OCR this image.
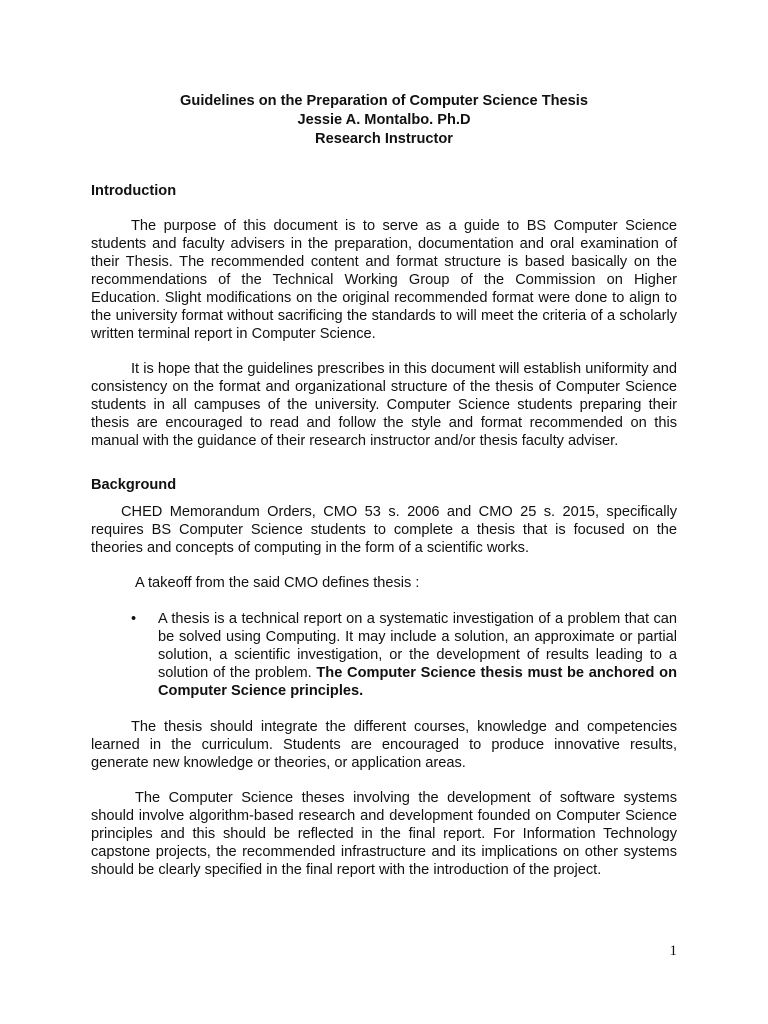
Guidelines on the Preparation of Computer Science Thesis
Jessie A. Montalbo. Ph.D
Research Instructor
Introduction

The purpose of this document is to serve as a guide to BS Computer Science students and faculty advisers in the preparation, documentation and oral examination of their Thesis. The recommended content and format structure is based basically on the recommendations of the Technical Working Group of the Commission on Higher Education. Slight modifications on the original recommended format were done to align to the university format without sacrificing the standards to will meet the criteria of a scholarly written terminal report in Computer Science.

It is hope that the guidelines prescribes in this document will establish uniformity and consistency on the format and organizational structure of the thesis of Computer Science students in all campuses of the university. Computer Science students preparing their thesis are encouraged to read and follow the style and format recommended on this manual with the guidance of their research instructor and/or thesis faculty adviser.

Background

CHED Memorandum Orders, CMO 53 s. 2006 and CMO 25 s. 2015, specifically requires BS Computer Science students to complete a thesis that is focused on the theories and concepts of computing in the form of a scientific works.

A takeoff from the said CMO defines thesis :

• A thesis is a technical report on a systematic investigation of a problem that can be solved using Computing. It may include a solution, an approximate or partial solution, a scientific investigation, or the development of results leading to a solution of the problem. The Computer Science thesis must be anchored on Computer Science principles.

The thesis should integrate the different courses, knowledge and competencies learned in the curriculum. Students are encouraged to produce innovative results, generate new knowledge or theories, or application areas.

The Computer Science theses involving the development of software systems should involve algorithm-based research and development founded on Computer Science principles and this should be reflected in the final report. For Information Technology capstone projects, the recommended infrastructure and its implications on other systems should be clearly specified in the final report with the introduction of the project.

1
